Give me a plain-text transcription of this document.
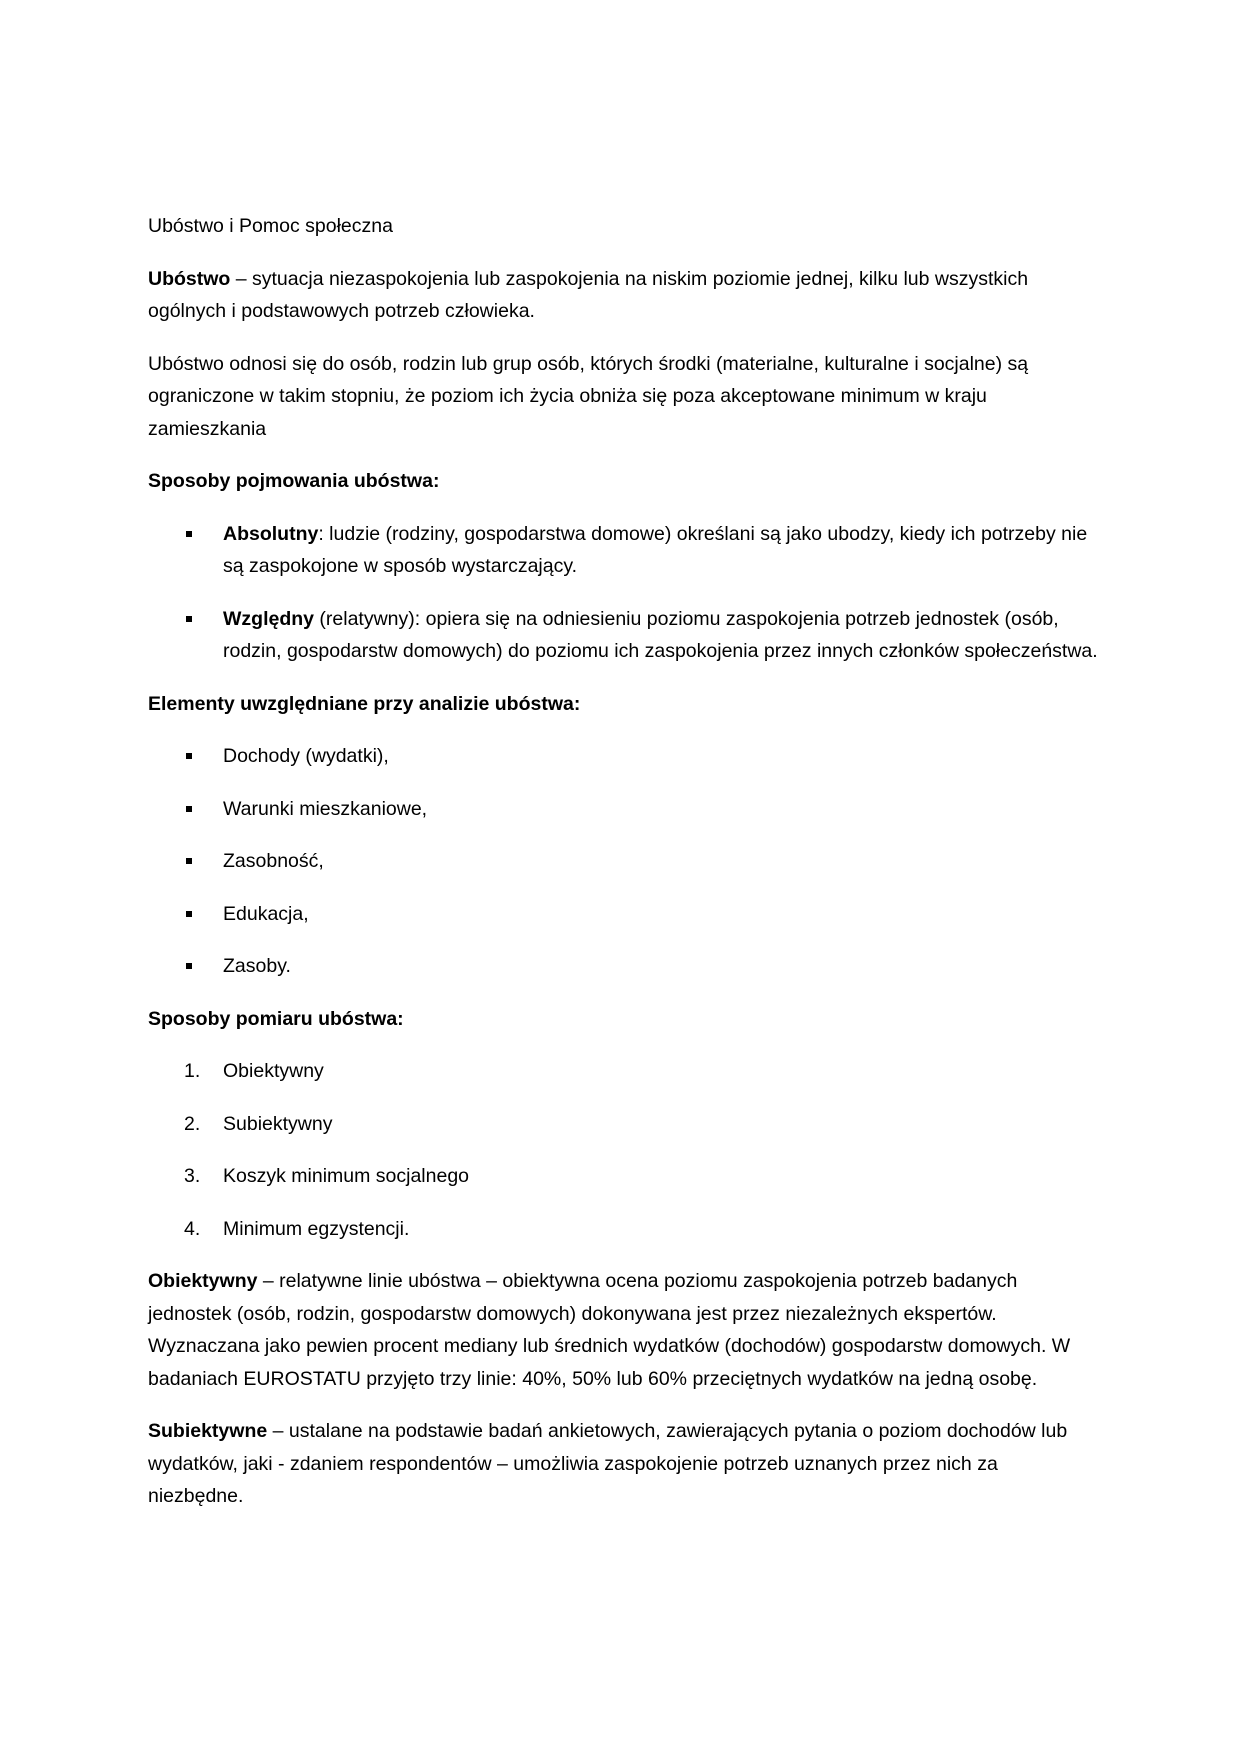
Ubóstwo i Pomoc społeczna

Ubóstwo – sytuacja niezaspokojenia lub zaspokojenia na niskim poziomie jednej, kilku lub wszystkich ogólnych i podstawowych potrzeb człowieka.

Ubóstwo odnosi się do osób, rodzin lub grup osób, których środki (materialne, kulturalne i socjalne) są ograniczone w takim stopniu, że poziom ich życia obniża się poza akceptowane minimum w kraju zamieszkania

Sposoby pojmowania ubóstwa:

Absolutny: ludzie (rodziny, gospodarstwa domowe) określani są jako ubodzy, kiedy ich potrzeby nie są zaspokojone w sposób wystarczający.
Względny (relatywny): opiera się na odniesieniu poziomu zaspokojenia potrzeb jednostek (osób, rodzin, gospodarstw domowych) do poziomu ich zaspokojenia przez innych członków społeczeństwa.

Elementy uwzględniane przy analizie ubóstwa:

Dochody (wydatki),
Warunki mieszkaniowe,
Zasobność,
Edukacja,
Zasoby.

Sposoby pomiaru ubóstwa:

1. Obiektywny
2. Subiektywny
3. Koszyk minimum socjalnego
4. Minimum egzystencji.

Obiektywny – relatywne linie ubóstwa – obiektywna ocena poziomu zaspokojenia potrzeb badanych jednostek (osób, rodzin, gospodarstw domowych) dokonywana jest przez niezależnych ekspertów. Wyznaczana jako pewien procent mediany lub średnich wydatków (dochodów) gospodarstw domowych. W badaniach EUROSTATU przyjęto trzy linie: 40%, 50% lub 60% przeciętnych wydatków na jedną osobę.

Subiektywne – ustalane na podstawie badań ankietowych, zawierających pytania o poziom dochodów lub wydatków, jaki - zdaniem respondentów – umożliwia zaspokojenie potrzeb uznanych przez nich za niezbędne.
